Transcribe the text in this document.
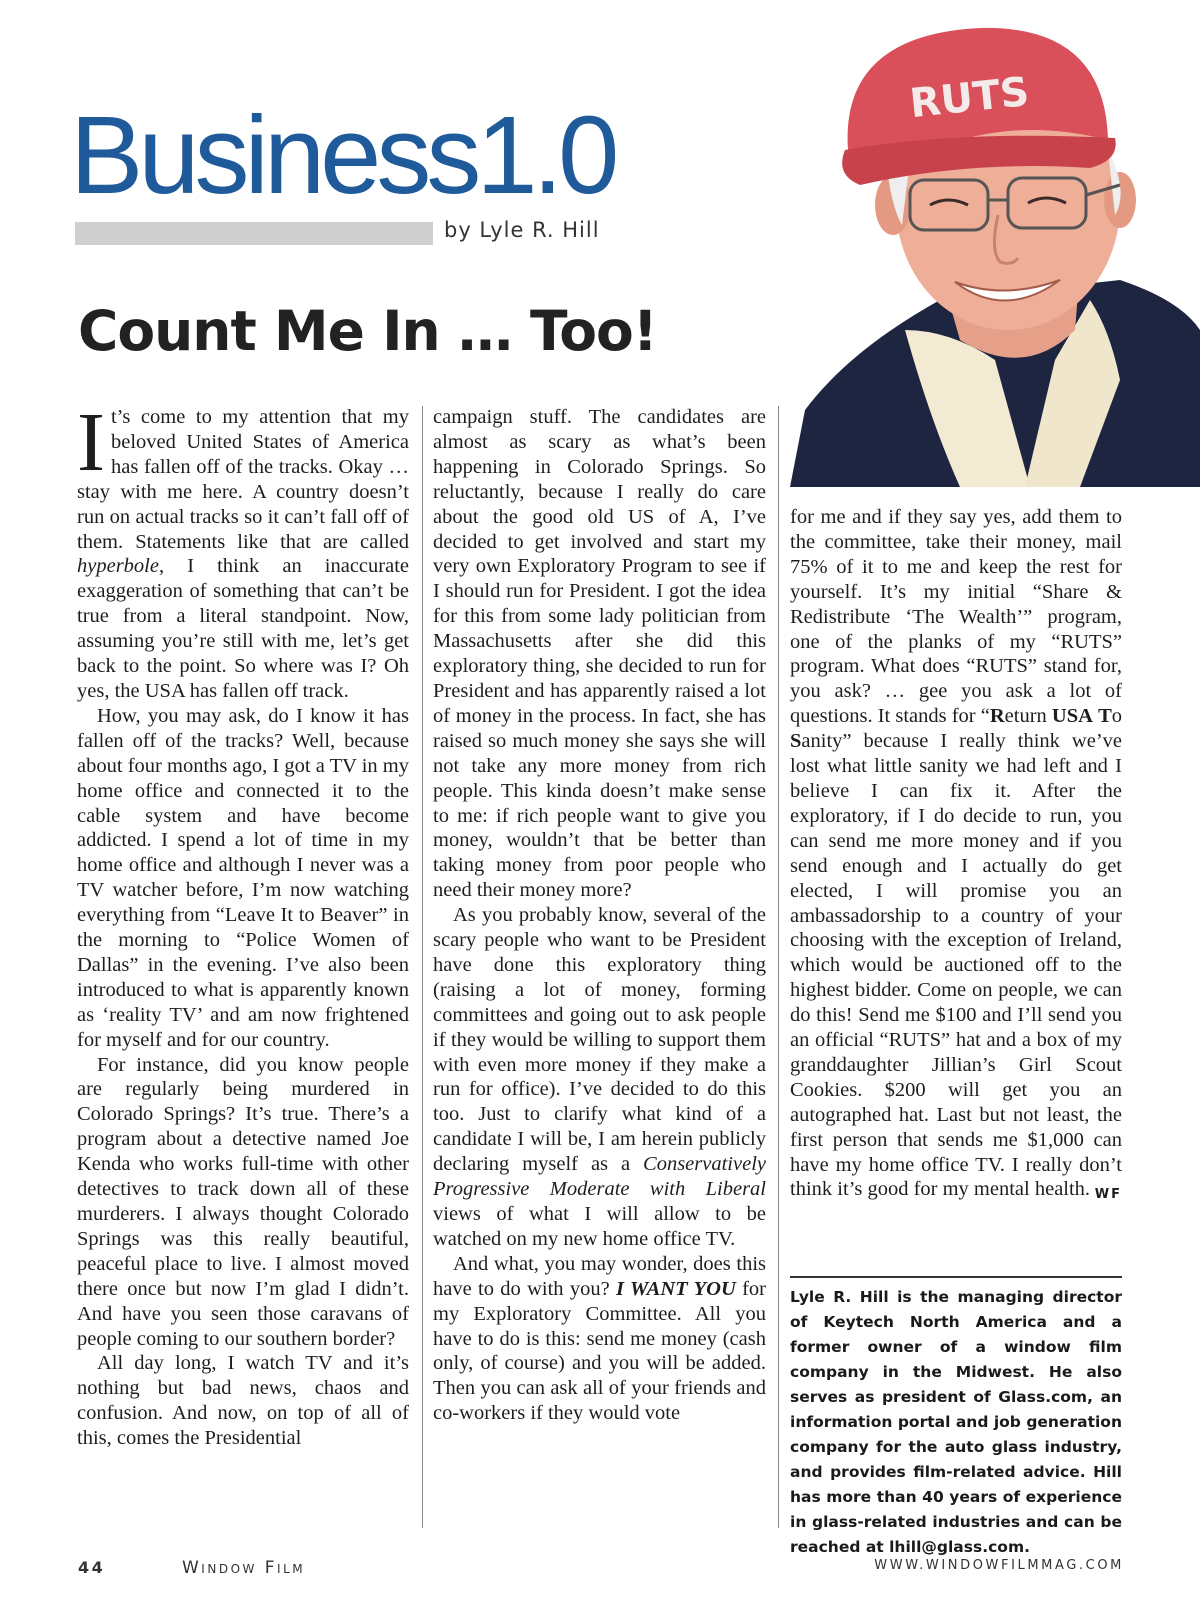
Business1.0
by Lyle R. Hill
Count Me In … Too!
RUTS

It’s come to my attention that my beloved United States of America has fallen off of the tracks. Okay … stay with me here. A country doesn’t run on actual tracks so it can’t fall off of them. Statements like that are called hyperbole, I think an inaccurate exaggeration of something that can’t be true from a literal standpoint. Now, assuming you’re still with me, let’s get back to the point. So where was I? Oh yes, the USA has fallen off track.

How, you may ask, do I know it has fallen off of the tracks? Well, because about four months ago, I got a TV in my home office and connected it to the cable system and have become addicted. I spend a lot of time in my home office and although I never was a TV watcher before, I’m now watching everything from “Leave It to Beaver” in the morning to “Police Women of Dallas” in the evening. I’ve also been introduced to what is apparently known as ‘reality TV’ and am now frightened for myself and for our country.

For instance, did you know people are regularly being murdered in Colorado Springs? It’s true. There’s a program about a detective named Joe Kenda who works full-time with other detectives to track down all of these murderers. I always thought Colorado Springs was this really beautiful, peaceful place to live. I almost moved there once but now I’m glad I didn’t. And have you seen those caravans of people coming to our southern border?

All day long, I watch TV and it’s nothing but bad news, chaos and confusion. And now, on top of all of this, comes the Presidential

campaign stuff. The candidates are almost as scary as what’s been happening in Colorado Springs. So reluctantly, because I really do care about the good old US of A, I’ve decided to get involved and start my very own Exploratory Program to see if I should run for President. I got the idea for this from some lady politician from Massachusetts after she did this exploratory thing, she decided to run for President and has apparently raised a lot of money in the process. In fact, she has raised so much money she says she will not take any more money from rich people. This kinda doesn’t make sense to me: if rich people want to give you money, wouldn’t that be better than taking money from poor people who need their money more?

As you probably know, several of the scary people who want to be President have done this exploratory thing (raising a lot of money, forming committees and going out to ask people if they would be willing to support them with even more money if they make a run for office). I’ve decided to do this too. Just to clarify what kind of a candidate I will be, I am herein publicly declaring myself as a Conservatively Progressive Moderate with Liberal views of what I will allow to be watched on my new home office TV.

And what, you may wonder, does this have to do with you? I WANT YOU for my Exploratory Committee. All you have to do is this: send me money (cash only, of course) and you will be added. Then you can ask all of your friends and co-workers if they would vote

for me and if they say yes, add them to the committee, take their money, mail 75% of it to me and keep the rest for yourself. It’s my initial “Share & Redistribute ‘The Wealth’” program, one of the planks of my “RUTS” program. What does “RUTS” stand for, you ask? … gee you ask a lot of questions. It stands for “Return USA To Sanity” because I really think we’ve lost what little sanity we had left and I believe I can fix it. After the exploratory, if I do decide to run, you can send me more money and if you send enough and I actually do get elected, I will promise you an ambassadorship to a country of your choosing with the exception of Ireland, which would be auctioned off to the highest bidder. Come on people, we can do this! Send me $100 and I’ll send you an official “RUTS” hat and a box of my granddaughter Jillian’s Girl Scout Cookies. $200 will get you an autographed hat. Last but not least, the first person that sends me $1,000 can have my home office TV. I really don’t think it’s good for my mental health. WF

Lyle R. Hill is the managing director of Keytech North America and a former owner of a window film company in the Midwest. He also serves as president of Glass.com, an information portal and job generation company for the auto glass industry, and provides film-related advice. Hill has more than 40 years of experience in glass-related industries and can be reached at lhill@glass.com.

44	Window Film	WWW.WINDOWFILMMAG.COM
